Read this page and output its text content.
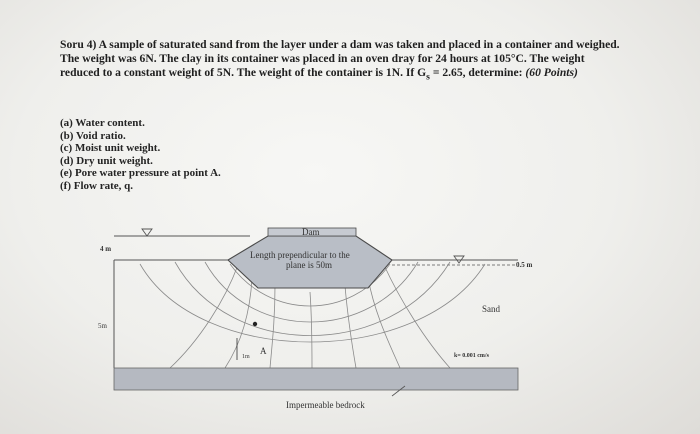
Soru 4) A sample of saturated sand from the layer under a dam was taken and placed in a container and weighed. The weight was 6N. The clay in its container was placed in an oven dray for 24 hours at 105°C. The weight reduced to a constant weight of 5N. The weight of the container is 1N. If $G_s = 2.65$, determine: (60 Points)

(a) Water content.

(b) Void ratio.

(c) Moist unit weight.

(d) Dry unit weight.

(e) Pore water pressure at point A.

(f) Flow rate, q.

Dam
Length prependicular to the
plane is 50m
4 m
0.5 m
5m
Sand
A
1m	k= 0.001 cm/s
Impermeable bedrock
